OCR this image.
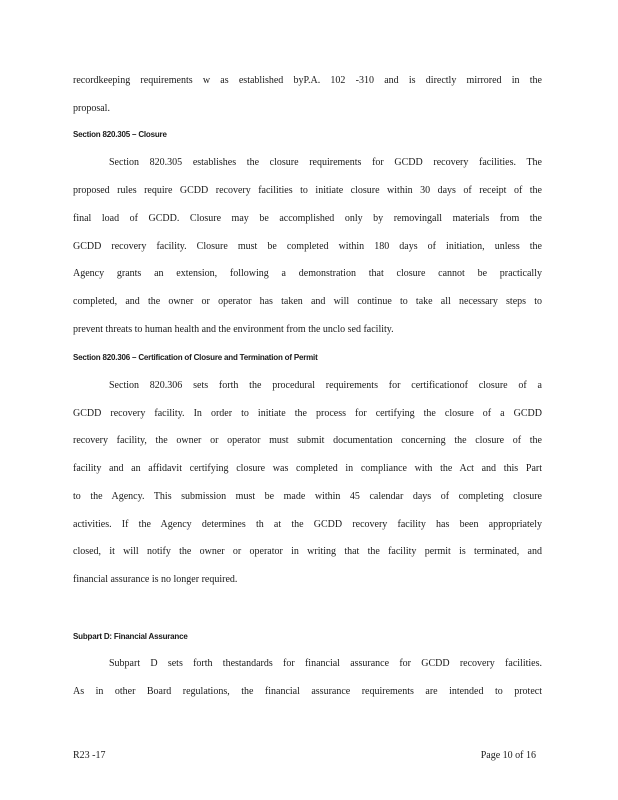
recordkeeping requirements w as established byP.A. 102 -310 and is directly mirrored in the
proposal.
Section 820.305 – Closure
Section 820.305 establishes the closure requirements for GCDD recovery facilities. The
proposed rules require GCDD recovery facilities to initiate closure within 30 days of receipt of the
final load of GCDD. Closure may be accomplished only by removingall materials from the
GCDD recovery facility. Closure must be completed within 180 days of initiation, unless the
Agency grants an extension, following a demonstration that closure cannot be practically
completed, and the owner or operator has taken and will continue to take all necessary steps to
prevent threats to human health and the environment from the unclo sed facility.
Section 820.306 – Certification of Closure and Termination of Permit
Section 820.306 sets forth the procedural requirements for certificationof closure of a
GCDD recovery facility. In order to initiate the process for certifying the closure of a GCDD
recovery facility, the owner or operator must submit documentation concerning the closure of the
facility and an affidavit certifying closure was completed in compliance with the Act and this Part
to the Agency. This submission must be made within 45 calendar days of completing closure
activities. If the Agency determines th at the GCDD recovery facility has been appropriately
closed, it will notify the owner or operator in writing that the facility permit is terminated, and
financial assurance is no longer required.
Subpart D: Financial Assurance
Subpart D sets forth thestandards for financial assurance for GCDD recovery facilities.
As in other Board regulations, the financial assurance requirements are intended to protect
R23 -17	Page 10 of 16
